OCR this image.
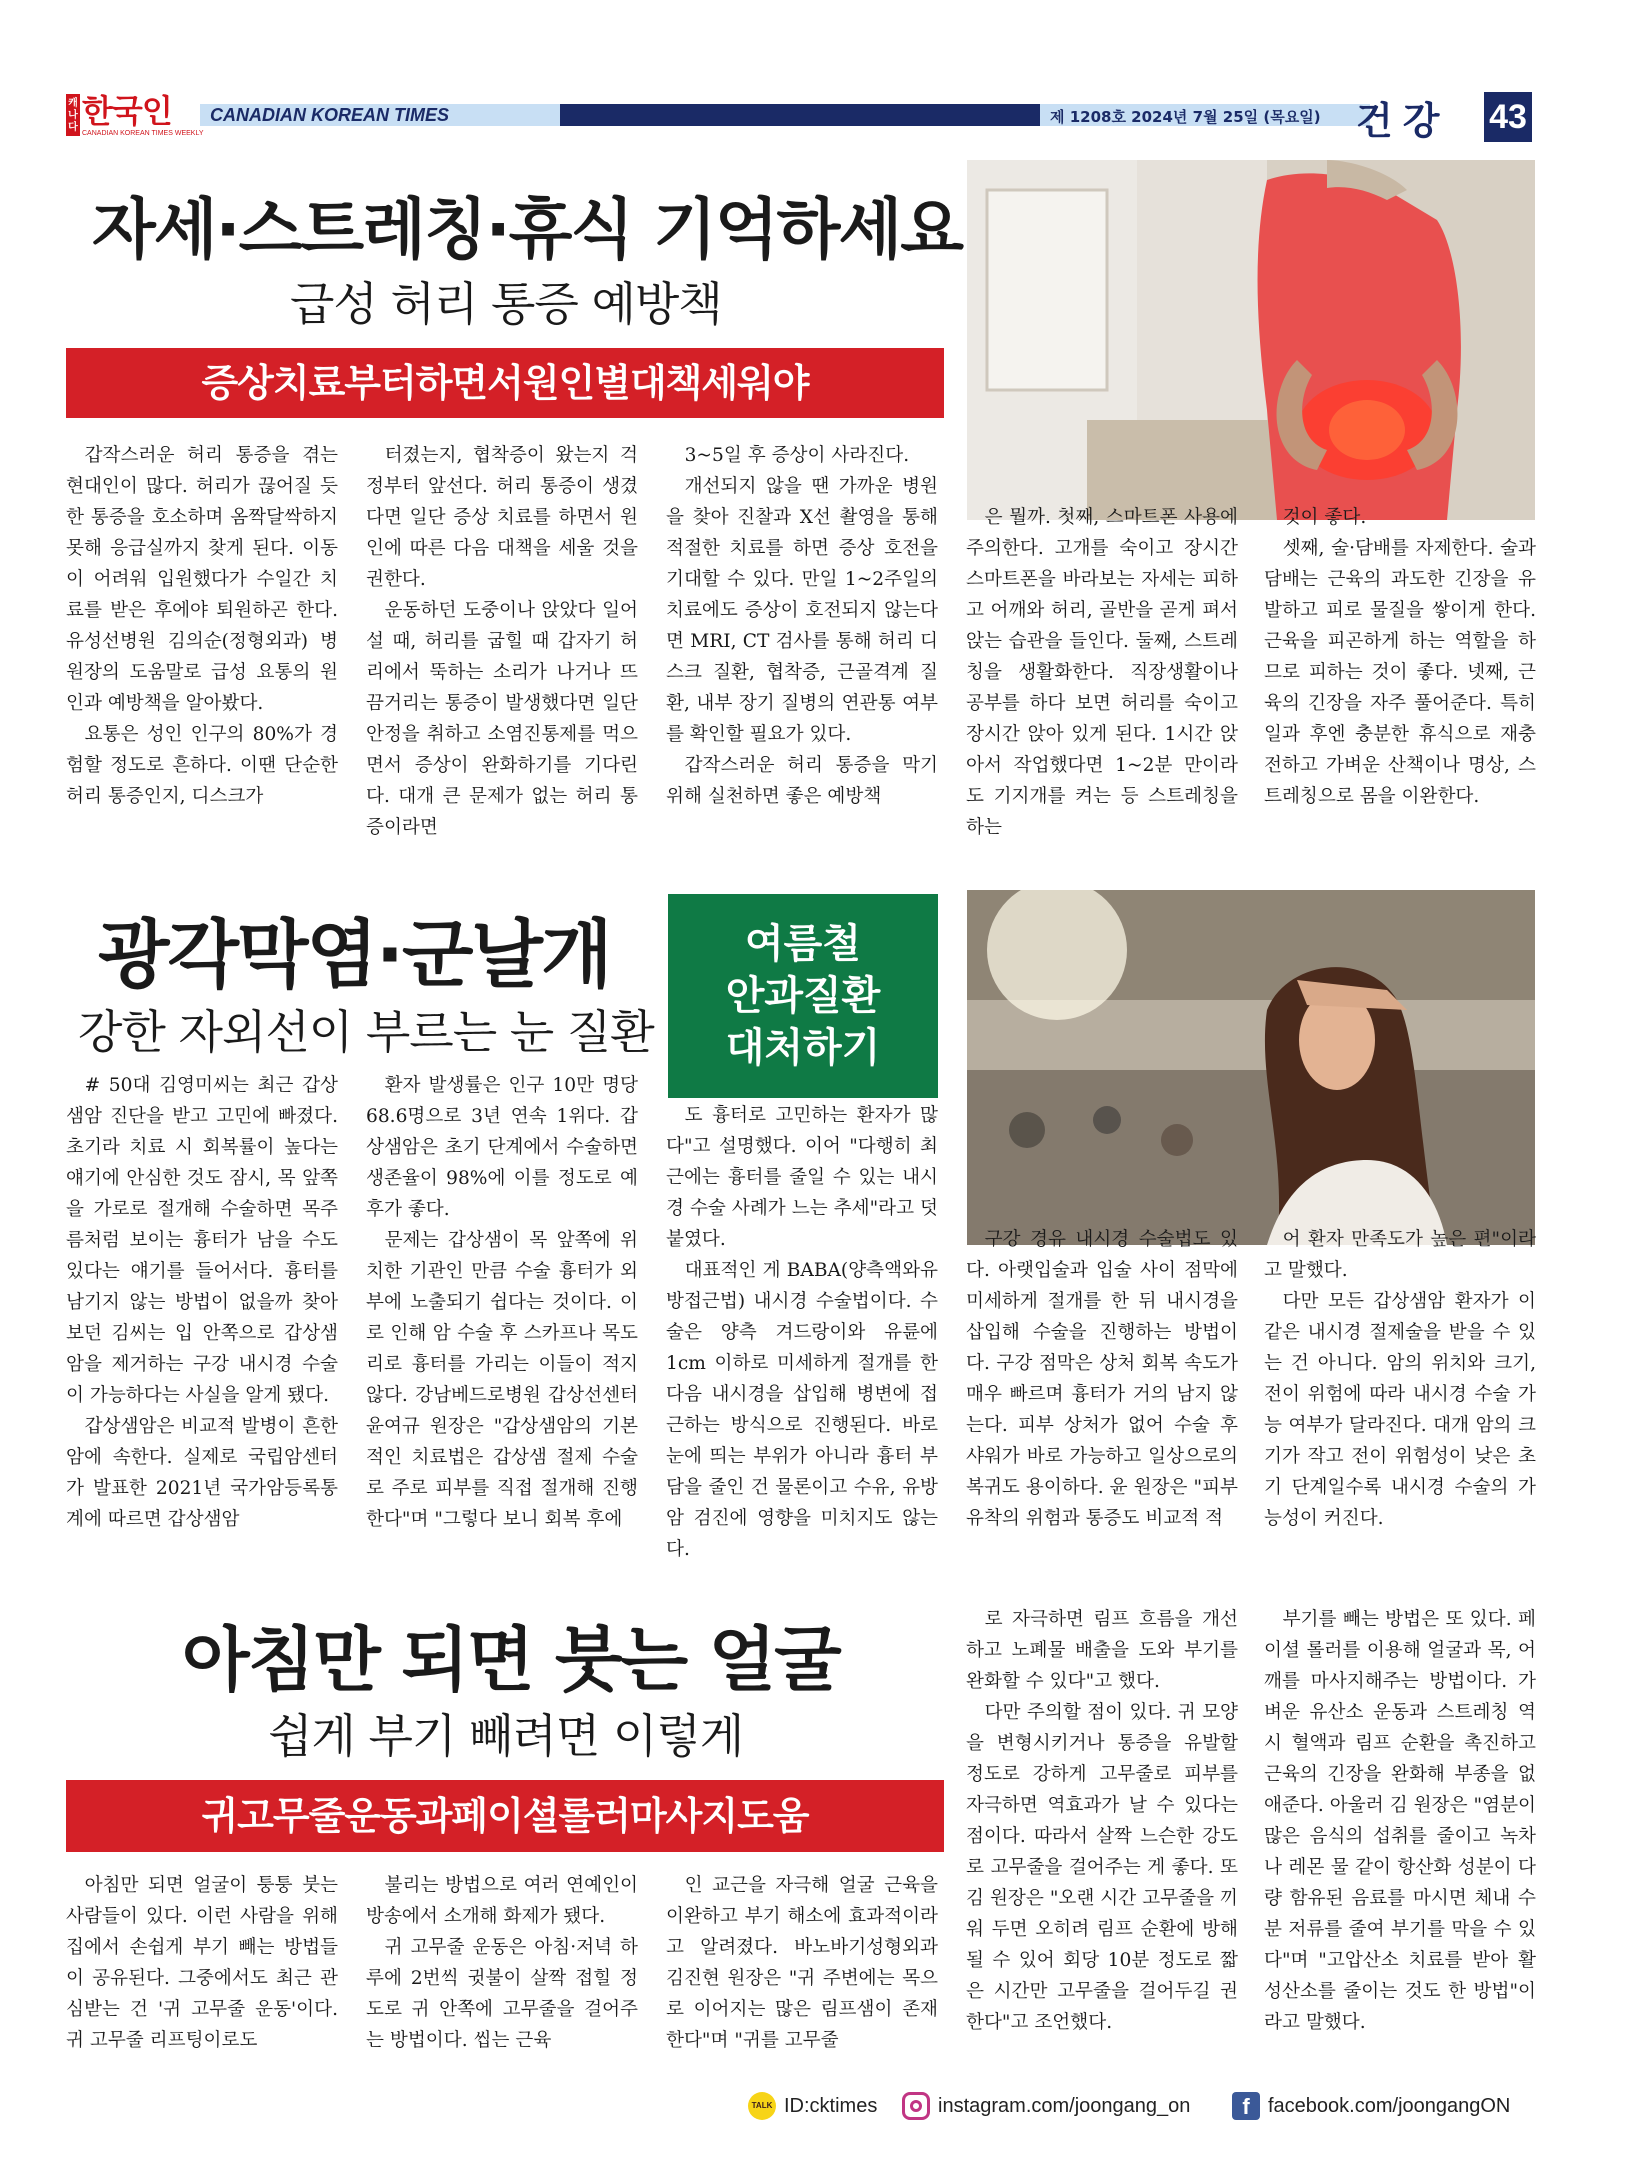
캐나다 한국인
CANADIAN KOREAN TIMES WEEKLY
CANADIAN KOREAN TIMES	제 1208호 2024년 7월 25일 (목요일) 건강 43
자세·스트레칭·휴식 기억하세요
급성 허리 통증 예방책
증상치료부터하면서원인별대책세워야
갑작스러운 허리 통증을 겪는 현대인이 많다. 허리가 끊어질 듯한 통증을 호소하며 옴짝달싹하지 못해 응급실까지 찾게 된다. 이동이 어려워 입원했다가 수일간 치료를 받은 후에야 퇴원하곤 한다. 유성선병원 김의순(정형외과) 병원장의 도움말로 급성 요통의 원인과 예방책을 알아봤다.
요통은 성인 인구의 80%가 경험할 정도로 흔하다. 이땐 단순한 허리 통증인지, 디스크가
터졌는지, 협착증이 왔는지 걱정부터 앞선다. 허리 통증이 생겼다면 일단 증상 치료를 하면서 원인에 따른 다음 대책을 세울 것을 권한다.
운동하던 도중이나 앉았다 일어설 때, 허리를 굽힐 때 갑자기 허리에서 뚝하는 소리가 나거나 뜨끔거리는 통증이 발생했다면 일단 안정을 취하고 소염진통제를 먹으면서 증상이 완화하기를 기다린다. 대개 큰 문제가 없는 허리 통증이라면
3~5일 후 증상이 사라진다.
개선되지 않을 땐 가까운 병원을 찾아 진찰과 X선 촬영을 통해 적절한 치료를 하면 증상 호전을 기대할 수 있다. 만일 1~2주일의 치료에도 증상이 호전되지 않는다면 MRI, CT 검사를 통해 허리 디스크 질환, 협착증, 근골격계 질환, 내부 장기 질병의 연관통 여부를 확인할 필요가 있다.
갑작스러운 허리 통증을 막기 위해 실천하면 좋은 예방책
은 뭘까. 첫째, 스마트폰 사용에 주의한다. 고개를 숙이고 장시간 스마트폰을 바라보는 자세는 피하고 어깨와 허리, 골반을 곧게 펴서 앉는 습관을 들인다. 둘째, 스트레칭을 생활화한다. 직장생활이나 공부를 하다 보면 허리를 숙이고 장시간 앉아 있게 된다. 1시간 앉아서 작업했다면 1~2분 만이라도 기지개를 켜는 등 스트레칭을 하는
것이 좋다.
셋째, 술·담배를 자제한다. 술과 담배는 근육의 과도한 긴장을 유발하고 피로 물질을 쌓이게 한다. 근육을 피곤하게 하는 역할을 하므로 피하는 것이 좋다. 넷째, 근육의 긴장을 자주 풀어준다. 특히 일과 후엔 충분한 휴식으로 재충전하고 가벼운 산책이나 명상, 스트레칭으로 몸을 이완한다.
광각막염·군날개
강한 자외선이 부르는 눈 질환
여름철
안과질환
대처하기
# 50대 김영미씨는 최근 갑상샘암 진단을 받고 고민에 빠졌다. 초기라 치료 시 회복률이 높다는 얘기에 안심한 것도 잠시, 목 앞쪽을 가로로 절개해 수술하면 목주름처럼 보이는 흉터가 남을 수도 있다는 얘기를 들어서다. 흉터를 남기지 않는 방법이 없을까 찾아보던 김씨는 입 안쪽으로 갑상샘암을 제거하는 구강 내시경 수술이 가능하다는 사실을 알게 됐다.
갑상샘암은 비교적 발병이 흔한 암에 속한다. 실제로 국립암센터가 발표한 2021년 국가암등록통계에 따르면 갑상샘암
환자 발생률은 인구 10만 명당 68.6명으로 3년 연속 1위다. 갑상샘암은 초기 단계에서 수술하면 생존율이 98%에 이를 정도로 예후가 좋다.
문제는 갑상샘이 목 앞쪽에 위치한 기관인 만큼 수술 흉터가 외부에 노출되기 쉽다는 것이다. 이로 인해 암 수술 후 스카프나 목도리로 흉터를 가리는 이들이 적지 않다. 강남베드로병원 갑상선센터 윤여규 원장은 "갑상샘암의 기본적인 치료법은 갑상샘 절제 수술로 주로 피부를 직접 절개해 진행한다"며 "그렇다 보니 회복 후에
도 흉터로 고민하는 환자가 많다"고 설명했다. 이어 "다행히 최근에는 흉터를 줄일 수 있는 내시경 수술 사례가 느는 추세"라고 덧붙였다.
대표적인 게 BABA(양측액와유방접근법) 내시경 수술법이다. 수술은 양측 겨드랑이와 유륜에 1cm 이하로 미세하게 절개를 한 다음 내시경을 삽입해 병변에 접근하는 방식으로 진행된다. 바로 눈에 띄는 부위가 아니라 흉터 부담을 줄인 건 물론이고 수유, 유방암 검진에 영향을 미치지도 않는다.
구강 경유 내시경 수술법도 있다. 아랫입술과 입술 사이 점막에 미세하게 절개를 한 뒤 내시경을 삽입해 수술을 진행하는 방법이다. 구강 점막은 상처 회복 속도가 매우 빠르며 흉터가 거의 남지 않는다. 피부 상처가 없어 수술 후 샤워가 바로 가능하고 일상으로의 복귀도 용이하다. 윤 원장은 "피부 유착의 위험과 통증도 비교적 적
어 환자 만족도가 높은 편"이라고 말했다.
다만 모든 갑상샘암 환자가 이 같은 내시경 절제술을 받을 수 있는 건 아니다. 암의 위치와 크기, 전이 위험에 따라 내시경 수술 가능 여부가 달라진다. 대개 암의 크기가 작고 전이 위험성이 낮은 초기 단계일수록 내시경 수술의 가능성이 커진다.
아침만 되면 붓는 얼굴
쉽게 부기 빼려면 이렇게
귀고무줄운동과페이셜롤러마사지도움
아침만 되면 얼굴이 퉁퉁 붓는 사람들이 있다. 이런 사람을 위해 집에서 손쉽게 부기 빼는 방법들이 공유된다. 그중에서도 최근 관심받는 건 '귀 고무줄 운동'이다. 귀 고무줄 리프팅이로도
불리는 방법으로 여러 연예인이 방송에서 소개해 화제가 됐다.
귀 고무줄 운동은 아침·저녁 하루에 2번씩 귓불이 살짝 접힐 정도로 귀 안쪽에 고무줄을 걸어주는 방법이다. 씹는 근육
인 교근을 자극해 얼굴 근육을 이완하고 부기 해소에 효과적이라고 알려졌다. 바노바기성형외과 김진현 원장은 "귀 주변에는 목으로 이어지는 많은 림프샘이 존재한다"며 "귀를 고무줄
로 자극하면 림프 흐름을 개선하고 노폐물 배출을 도와 부기를 완화할 수 있다"고 했다.
다만 주의할 점이 있다. 귀 모양을 변형시키거나 통증을 유발할 정도로 강하게 고무줄로 피부를 자극하면 역효과가 날 수 있다는 점이다. 따라서 살짝 느슨한 강도로 고무줄을 걸어주는 게 좋다. 또 김 원장은 "오랜 시간 고무줄을 끼워 두면 오히려 림프 순환에 방해될 수 있어 회당 10분 정도로 짧은 시간만 고무줄을 걸어두길 권한다"고 조언했다.
부기를 빼는 방법은 또 있다. 페이셜 롤러를 이용해 얼굴과 목, 어깨를 마사지해주는 방법이다. 가벼운 유산소 운동과 스트레칭 역시 혈액과 림프 순환을 촉진하고 근육의 긴장을 완화해 부종을 없애준다. 아울러 김 원장은 "염분이 많은 음식의 섭취를 줄이고 녹차나 레몬 물 같이 항산화 성분이 다량 함유된 음료를 마시면 체내 수분 저류를 줄여 부기를 막을 수 있다"며 "고압산소 치료를 받아 활성산소를 줄이는 것도 한 방법"이라고 말했다.
TALK ID:cktimes	instagram.com/joongang_on	f facebook.com/joongangON
